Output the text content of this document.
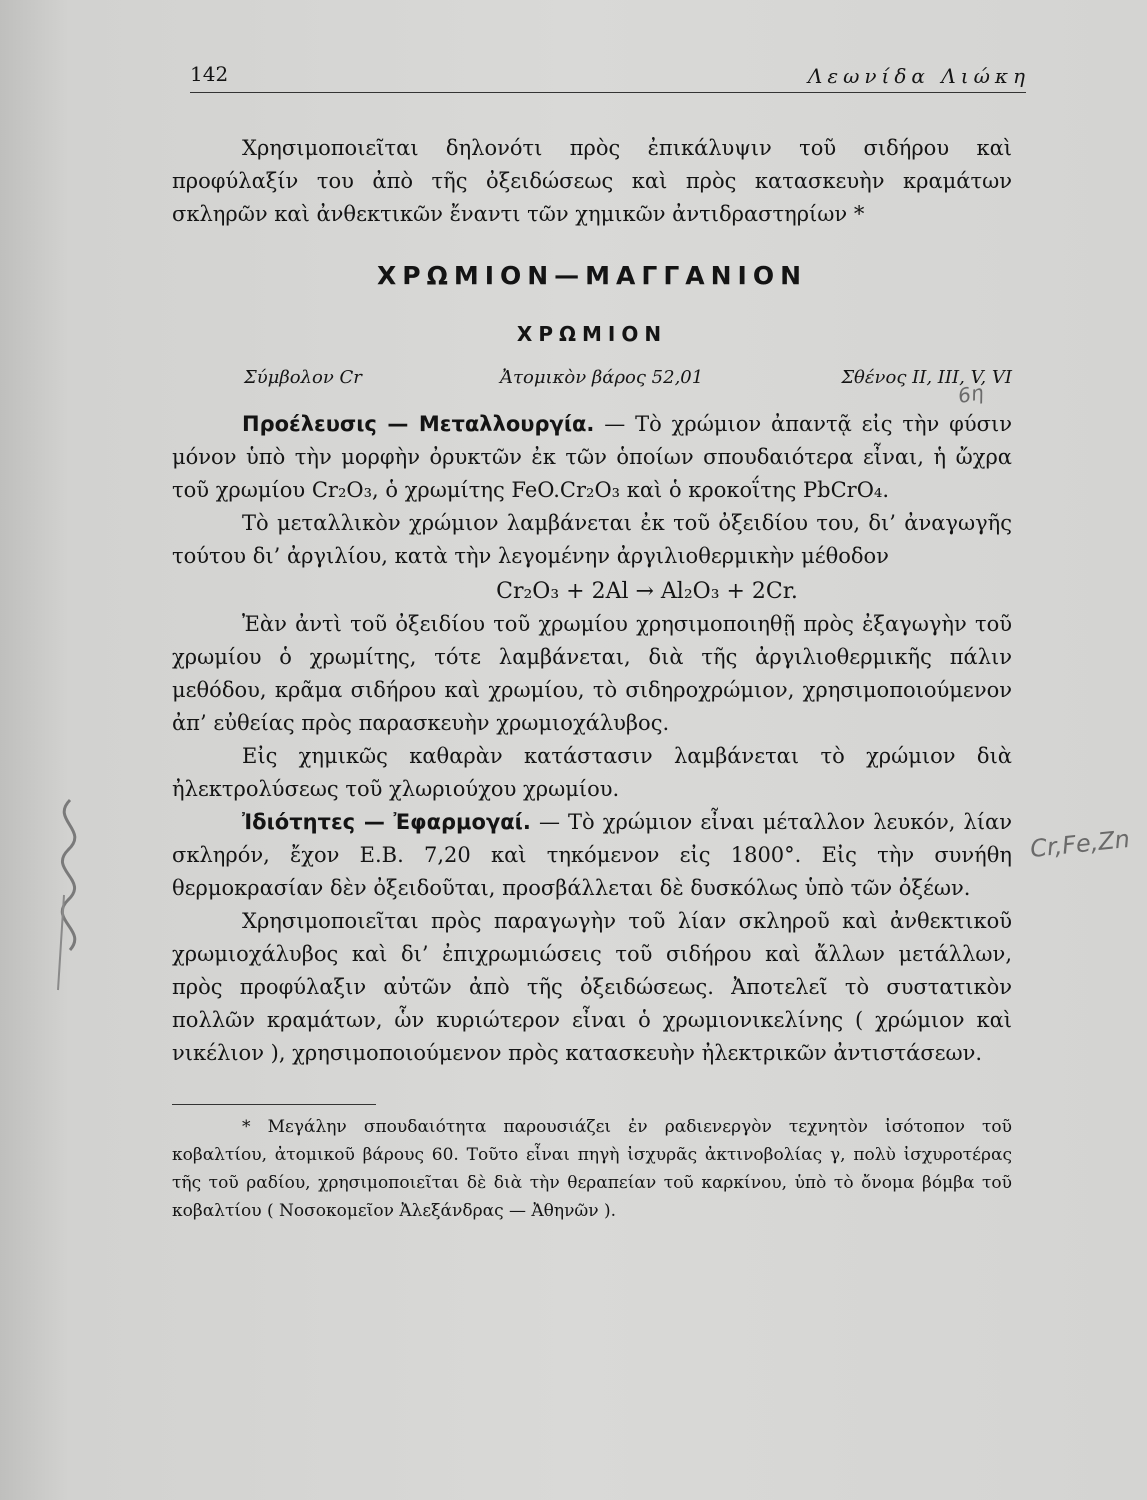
142	Λεωνίδα Λιώκη

Χρησιμοποιεῖται δηλονότι πρὸς ἐπικάλυψιν τοῦ σιδήρου καὶ προφύλαξίν του ἀπὸ τῆς ὀξειδώσεως καὶ πρὸς κατασκευὴν κραμάτων σκληρῶν καὶ ἀνθεκτικῶν ἔναντι τῶν χημικῶν ἀντιδραστηρίων *

ΧΡΩΜΙΟΝ—ΜΑΓΓΑΝΙΟΝ
ΧΡΩΜΙΟΝ
Σύμβολον Cr	Ἀτομικὸν βάρος 52,01	Σθένος II, III, V, VI

Προέλευσις — Μεταλλουργία. — Τὸ χρώμιον ἀπαντᾷ εἰς τὴν φύσιν μόνον ὑπὸ τὴν μορφὴν ὀρυκτῶν ἐκ τῶν ὁποίων σπουδαιότερα εἶναι, ἡ ὤχρα τοῦ χρωμίου Cr₂O₃, ὁ χρωμίτης FeO.Cr₂O₃ καὶ ὁ κροκοΐτης PbCrO₄.

Τὸ μεταλλικὸν χρώμιον λαμβάνεται ἐκ τοῦ ὀξειδίου του, δι’ ἀναγωγῆς τούτου δι’ ἀργιλίου, κατὰ τὴν λεγομένην ἀργιλιοθερμικὴν μέθοδον

Cr₂O₃ + 2Al → Al₂O₃ + 2Cr.

Ἐὰν ἀντὶ τοῦ ὀξειδίου τοῦ χρωμίου χρησιμοποιηθῇ πρὸς ἐξαγωγὴν τοῦ χρωμίου ὁ χρωμίτης, τότε λαμβάνεται, διὰ τῆς ἀργιλιοθερμικῆς πάλιν μεθόδου, κρᾶμα σιδήρου καὶ χρωμίου, τὸ σιδηροχρώμιον, χρησιμοποιούμενον ἀπ’ εὐθείας πρὸς παρασκευὴν χρωμιοχάλυβος.

Εἰς χημικῶς καθαρὰν κατάστασιν λαμβάνεται τὸ χρώμιον διὰ ἠλεκτρολύσεως τοῦ χλωριούχου χρωμίου.

Ἰδιότητες — Ἐφαρμογαί. — Τὸ χρώμιον εἶναι μέταλλον λευκόν, λίαν σκληρόν, ἔχον Ε.Β. 7,20 καὶ τηκόμενον εἰς 1800°. Εἰς τὴν συνήθη θερμοκρασίαν δὲν ὀξειδοῦται, προσβάλλεται δὲ δυσκόλως ὑπὸ τῶν ὀξέων.

Χρησιμοποιεῖται πρὸς παραγωγὴν τοῦ λίαν σκληροῦ καὶ ἀνθεκτικοῦ χρωμιοχάλυβος καὶ δι’ ἐπιχρωμιώσεις τοῦ σιδήρου καὶ ἄλλων μετάλλων, πρὸς προφύλαξιν αὐτῶν ἀπὸ τῆς ὀξειδώσεως. Ἀποτελεῖ τὸ συστατικὸν πολλῶν κραμάτων, ὧν κυριώτερον εἶναι ὁ χρωμιονικελίνης ( χρώμιον καὶ νικέλιον ), χρησιμοποιούμενον πρὸς κατασκευὴν ἠλεκτρικῶν ἀντιστάσεων.

* Μεγάλην σπουδαιότητα παρουσιάζει ἐν ραδιενεργὸν τεχνητὸν ἰσότοπον τοῦ κοβαλτίου, ἀτομικοῦ βάρους 60. Τοῦτο εἶναι πηγὴ ἰσχυρᾶς ἀκτινοβολίας γ, πολὺ ἰσχυροτέρας τῆς τοῦ ραδίου, χρησιμοποιεῖται δὲ διὰ τὴν θεραπείαν τοῦ καρκίνου, ὑπὸ τὸ ὄνομα βόμβα τοῦ κοβαλτίου ( Νοσοκομεῖον Ἀλεξάνδρας — Ἀθηνῶν ).

Cr,Fe,Zn
6η
